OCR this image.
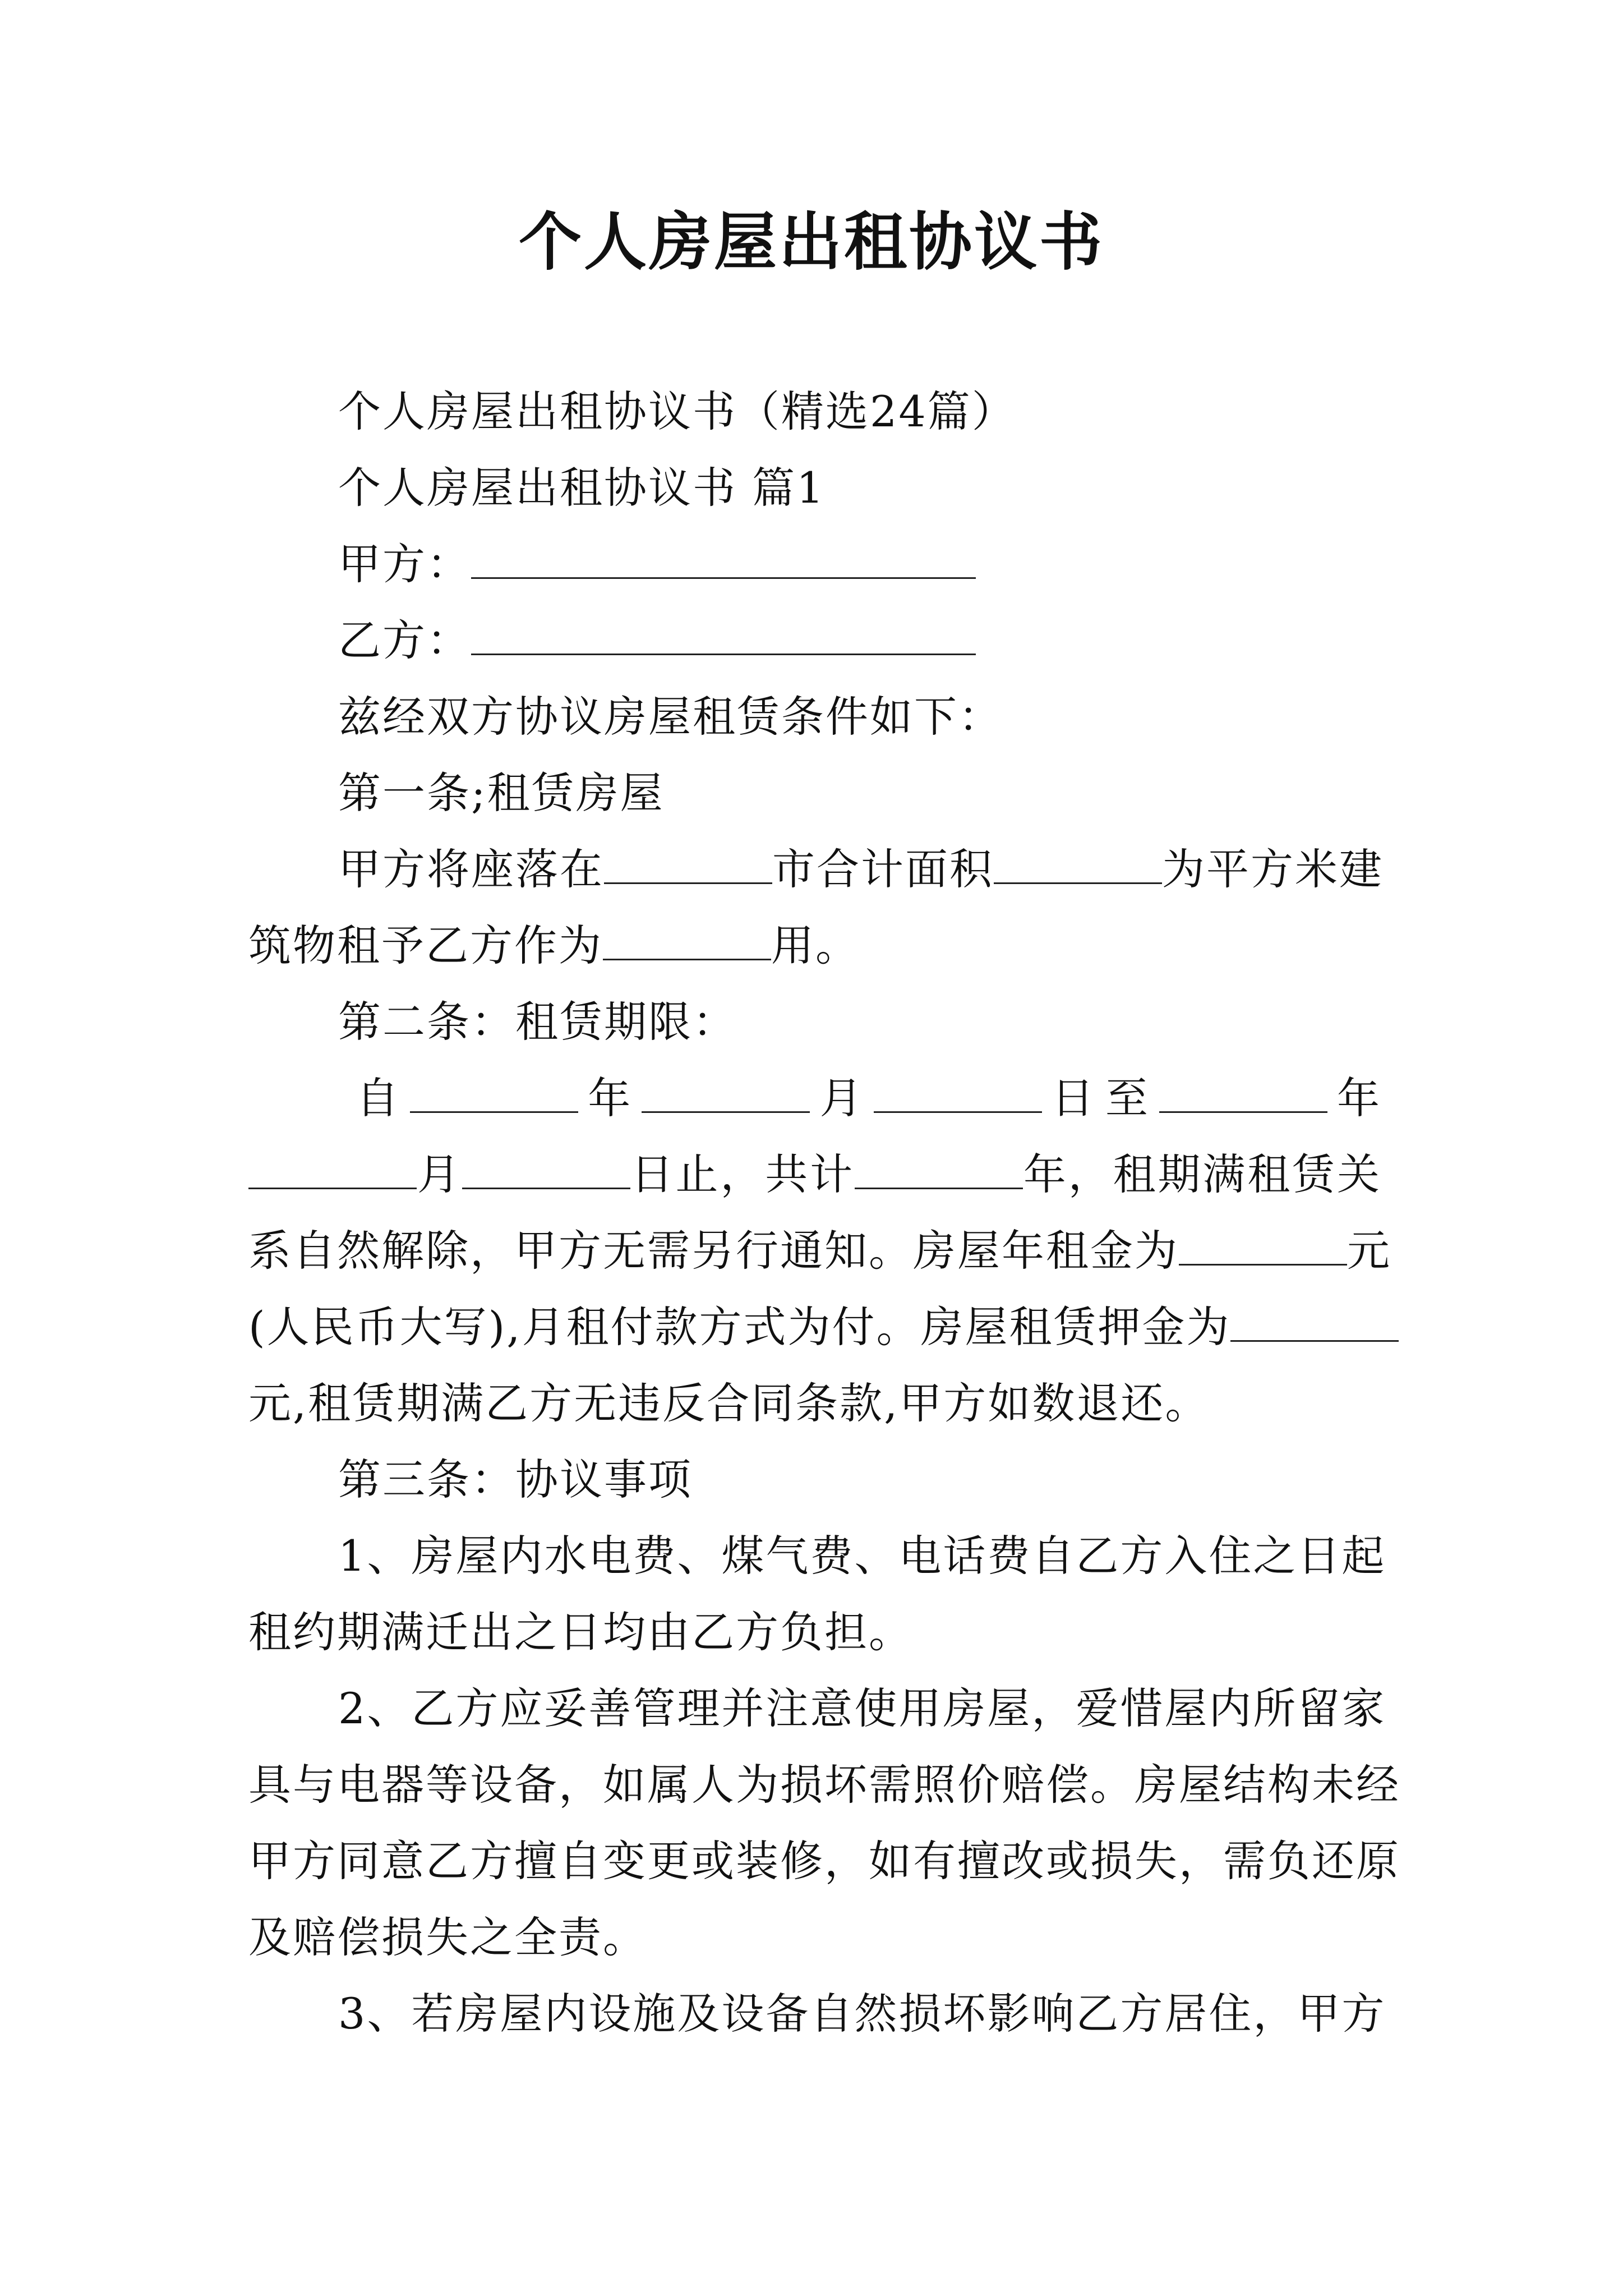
个人房屋出租协议书
个人房屋出租协议书（精选24篇）
个人房屋出租协议书 篇1
甲方：
乙方：
兹经双方协议房屋租赁条件如下：
第一条;租赁房屋
甲方将座落在	市合计面积	为平方米建
筑物租予乙方作为	用。
第二条：租赁期限：
自	年	月	日至	年
月	日止，共计	年，租期满租赁关
系自然解除，甲方无需另行通知。房屋年租金为	元
(人民币大写),月租付款方式为付。房屋租赁押金为
元,租赁期满乙方无违反合同条款,甲方如数退还。
第三条：协议事项
1、房屋内水电费、煤气费、电话费自乙方入住之日起
租约期满迁出之日均由乙方负担。
2、乙方应妥善管理并注意使用房屋，爱惜屋内所留家
具与电器等设备，如属人为损坏需照价赔偿。房屋结构未经
甲方同意乙方擅自变更或装修，如有擅改或损失，需负还原
及赔偿损失之全责。
3、若房屋内设施及设备自然损坏影响乙方居住，甲方
